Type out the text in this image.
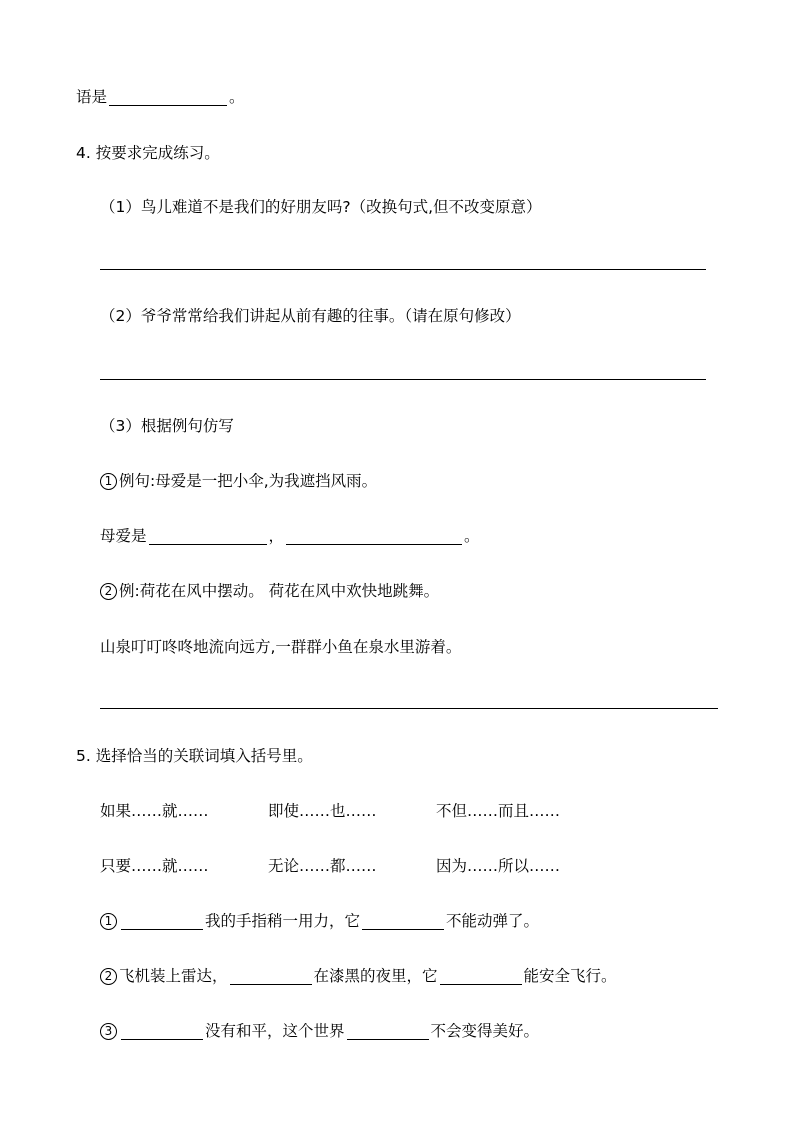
语是	。
4. 按要求完成练习。
（1）鸟儿难道不是我们的好朋友吗?（改换句式,但不改变原意）
（2）爷爷常常给我们讲起从前有趣的往事。（请在原句修改）
（3）根据例句仿写
1 例句:母爱是一把小伞,为我遮挡风雨。
母爱是	，	。
2 例:荷花在风中摆动。 荷花在风中欢快地跳舞。
山泉叮叮咚咚地流向远方,一群群小鱼在泉水里游着。
5. 选择恰当的关联词填入括号里。
如果……就……	即使……也……	不但……而且……
只要……就……	无论……都……	因为……所以……
1	我的手指稍一用力，它	不能动弹了。
2 飞机装上雷达，	在漆黑的夜里，它	能安全飞行。
3	没有和平，这个世界	不会变得美好。
